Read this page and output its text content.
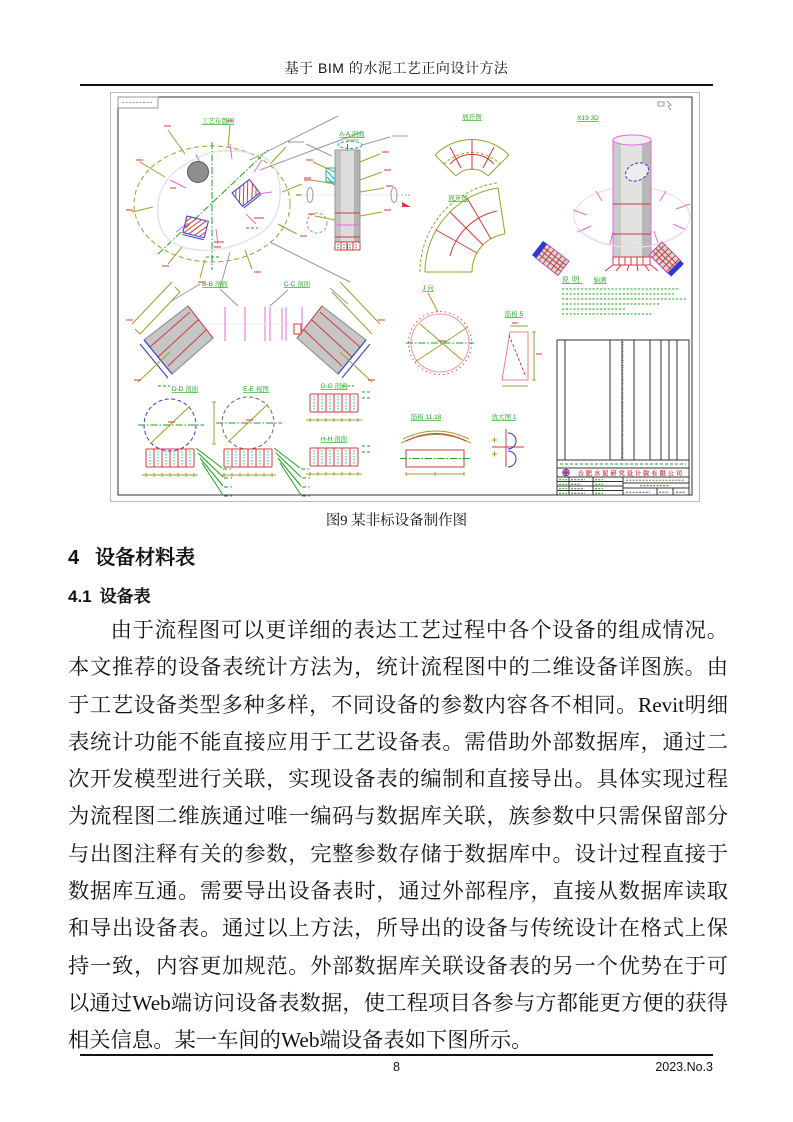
基于 BIM 的水泥工艺正向设计方法
工艺布置图
A-A 剖面
展开图
展开图
X19 3D
轴测
B-B 剖面	C-C 剖面
J 向
筋板 5
D-D 剖面	E-E 视图	G-G 剖面
H-H 剖面
筋板 11,18	放大图 1
说明
合肥水泥研究设计院有限公司
图9 某非标设备制作图
4 设备材料表
4.1 设备表

由于流程图可以更详细的表达工艺过程中各个设备的组成情况。本文推荐的设备表统计方法为，统计流程图中的二维设备详图族。由于工艺设备类型多种多样，不同设备的参数内容各不相同。Revit明细表统计功能不能直接应用于工艺设备表。需借助外部数据库，通过二次开发模型进行关联，实现设备表的编制和直接导出。具体实现过程为流程图二维族通过唯一编码与数据库关联，族参数中只需保留部分与出图注释有关的参数，完整参数存储于数据库中。设计过程直接于数据库互通。需要导出设备表时，通过外部程序，直接从数据库读取和导出设备表。通过以上方法，所导出的设备与传统设计在格式上保持一致，内容更加规范。外部数据库关联设备表的另一个优势在于可以通过Web端访问设备表数据，使工程项目各参与方都能更方便的获得相关信息。某一车间的Web端设备表如下图所示。

8	2023.No.3
